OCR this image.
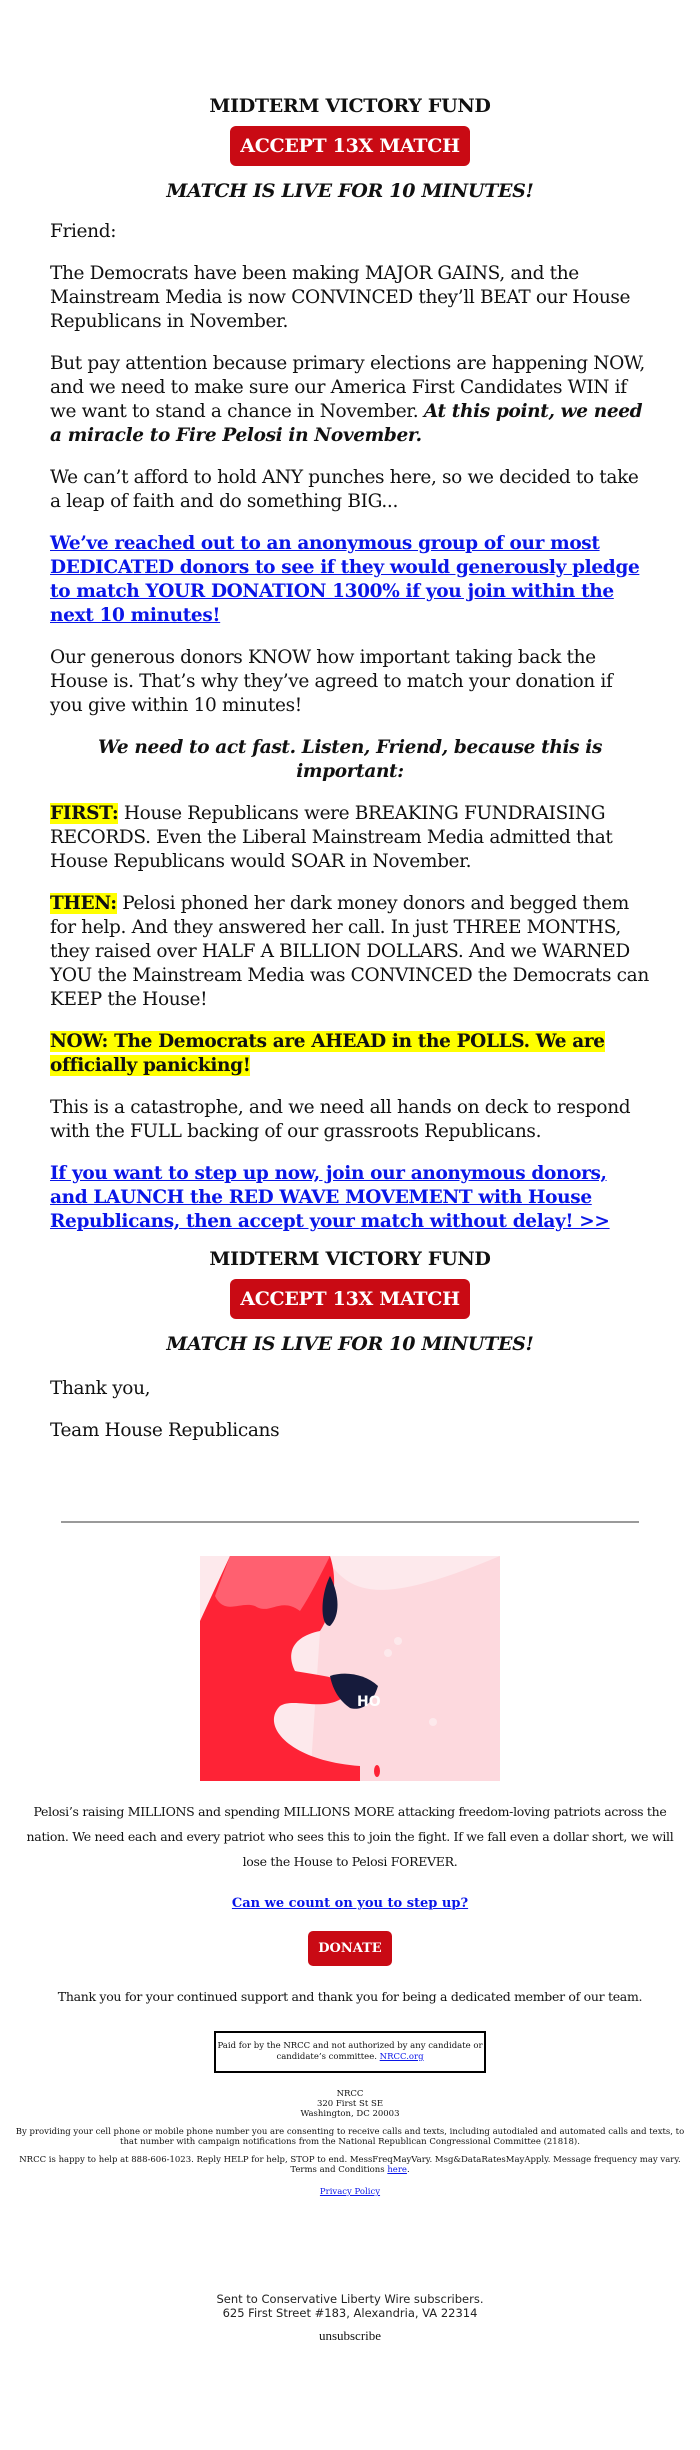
MIDTERM VICTORY FUND
ACCEPT 13X MATCH
MATCH IS LIVE FOR 10 MINUTES!

Friend:

The Democrats have been making MAJOR GAINS, and the Mainstream Media is now CONVINCED they’ll BEAT our House Republicans in November.

But pay attention because primary elections are happening NOW, and we need to make sure our America First Candidates WIN if we want to stand a chance in November. At this point, we need a miracle to Fire Pelosi in November.

We can’t afford to hold ANY punches here, so we decided to take a leap of faith and do something BIG...

We’ve reached out to an anonymous group of our most DEDICATED donors to see if they would generously pledge to match YOUR DONATION 1300% if you join within the next 10 minutes!

Our generous donors KNOW how important taking back the House is. That’s why they’ve agreed to match your donation if you give within 10 minutes!

We need to act fast. Listen, Friend, because this is important:

FIRST: House Republicans were BREAKING FUNDRAISING RECORDS. Even the Liberal Mainstream Media admitted that House Republicans would SOAR in November.

THEN: Pelosi phoned her dark money donors and begged them for help. And they answered her call. In just THREE MONTHS, they raised over HALF A BILLION DOLLARS. And we WARNED YOU the Mainstream Media was CONVINCED the Democrats can KEEP the House!

NOW: The Democrats are AHEAD in the POLLS. We are officially panicking!

This is a catastrophe, and we need all hands on deck to respond with the FULL backing of our grassroots Republicans.

If you want to step up now, join our anonymous donors, and LAUNCH the RED WAVE MOVEMENT with House Republicans, then accept your match without delay! >>

MIDTERM VICTORY FUND
ACCEPT 13X MATCH
MATCH IS LIVE FOR 10 MINUTES!

Thank you,

Team House Republicans

HO
Pelosi’s raising MILLIONS and spending MILLIONS MORE attacking freedom-loving patriots across the nation. We need each and every patriot who sees this to join the fight. If we fall even a dollar short, we will lose the House to Pelosi FOREVER.
Can we count on you to step up?
DONATE
Thank you for your continued support and thank you for being a dedicated member of our team.
Paid for by the NRCC and not authorized by any candidate or candidate’s committee. NRCC.org
NRCC
320 First St SE
Washington, DC 20003
By providing your cell phone or mobile phone number you are consenting to receive calls and texts, including autodialed and automated calls and texts, to that number with campaign notifications from the National Republican Congressional Committee (21818).
NRCC is happy to help at 888-606-1023. Reply HELP for help, STOP to end. MessFreqMayVary. Msg&DataRatesMayApply. Message frequency may vary. Terms and Conditions here.
Privacy Policy
Sent to Conservative Liberty Wire subscribers.
625 First Street #183, Alexandria, VA 22314
unsubscribe
